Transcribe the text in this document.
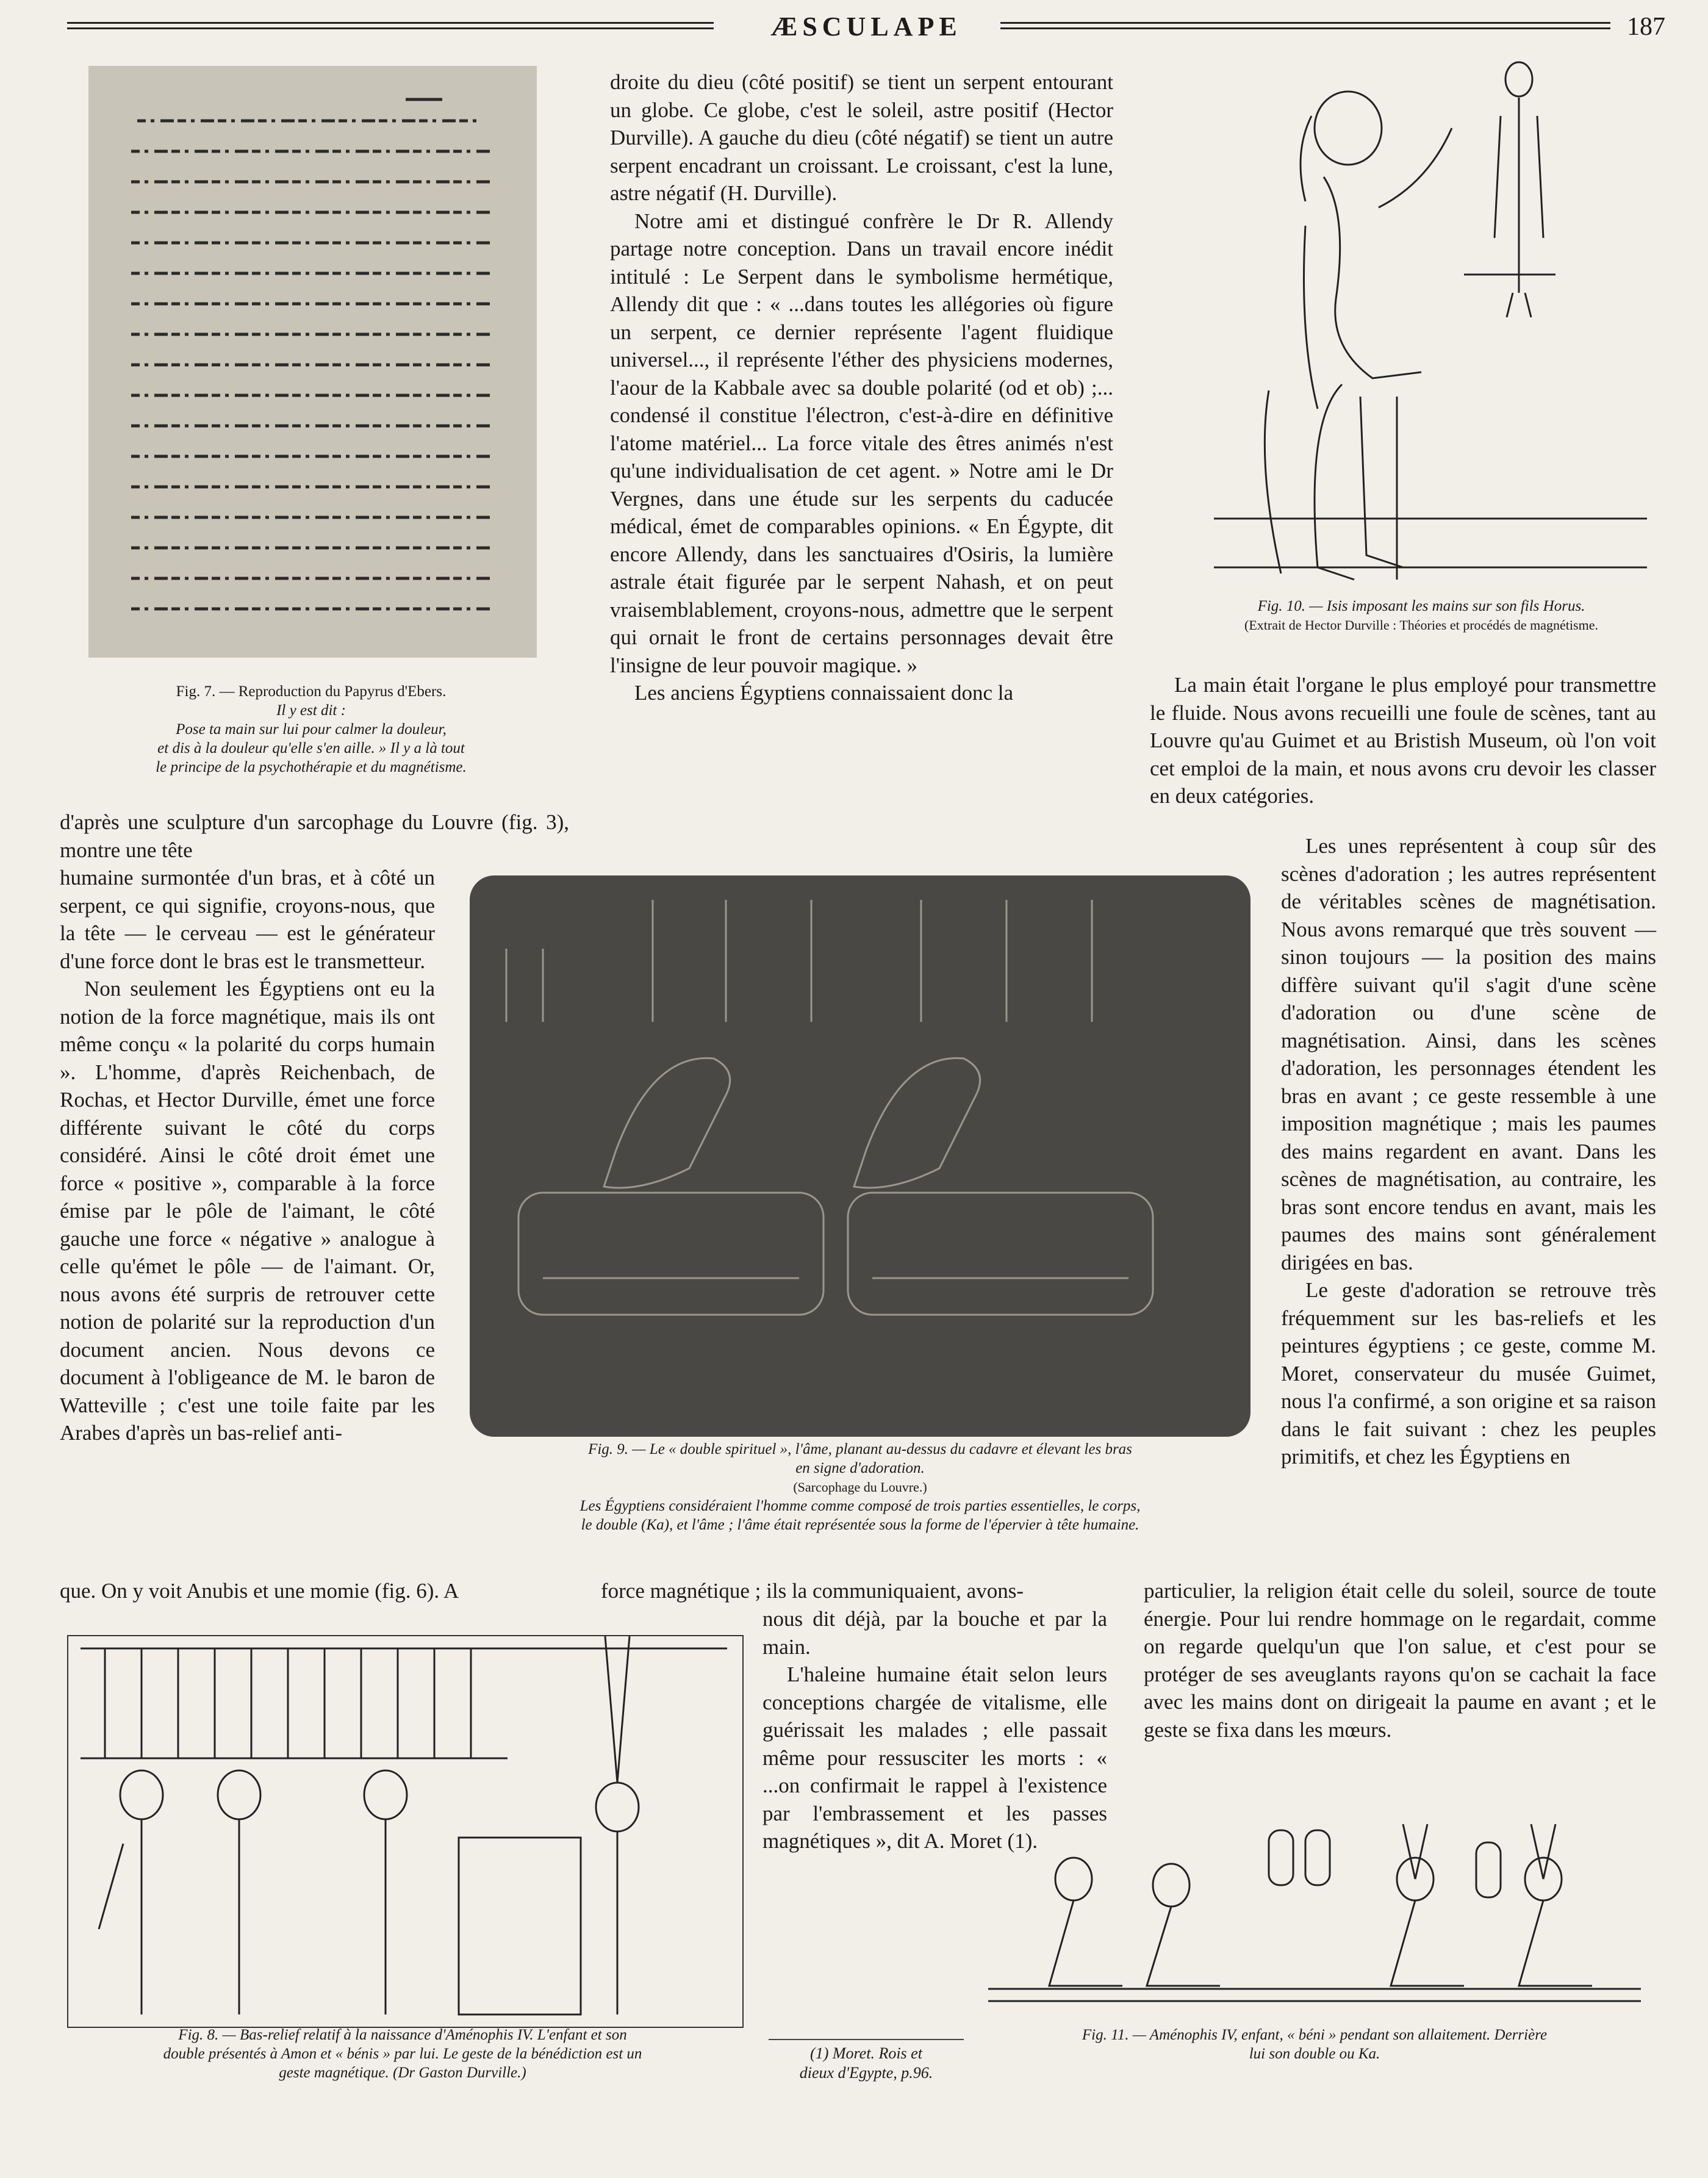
ÆSCULAPE	187
Fig. 7. — Reproduction du Papyrus d'Ebers.
Il y est dit :
Pose ta main sur lui pour calmer la douleur,
et dis à la douleur qu'elle s'en aille. » Il y a là tout
le principe de la psychothérapie et du magnétisme.

droite du dieu (côté positif) se tient un serpent entourant un globe. Ce globe, c'est le soleil, astre positif (Hector Durville). A gauche du dieu (côté négatif) se tient un autre serpent encadrant un croissant. Le croissant, c'est la lune, astre négatif (H. Durville).

Notre ami et distingué confrère le Dr R. Allendy partage notre conception. Dans un travail encore inédit intitulé : Le Serpent dans le symbolisme hermétique, Allendy dit que : « ...dans toutes les allégories où figure un serpent, ce dernier représente l'agent fluidique universel..., il représente l'éther des physiciens modernes, l'aour de la Kabbale avec sa double polarité (od et ob) ;... condensé il constitue l'électron, c'est-à-dire en définitive l'atome matériel... La force vitale des êtres animés n'est qu'une individualisation de cet agent. » Notre ami le Dr Vergnes, dans une étude sur les serpents du caducée médical, émet de comparables opinions. « En Égypte, dit encore Allendy, dans les sanctuaires d'Osiris, la lumière astrale était figurée par le serpent Nahash, et on peut vraisemblablement, croyons-nous, admettre que le serpent qui ornait le front de certains personnages devait être l'insigne de leur pouvoir magique. »

Les anciens Égyptiens connaissaient donc la

Fig. 10. — Isis imposant les mains sur son fils Horus.
(Extrait de Hector Durville : Théories et procédés de magnétisme.

La main était l'organe le plus employé pour transmettre le fluide. Nous avons recueilli une foule de scènes, tant au Louvre qu'au Guimet et au Bristish Museum, où l'on voit cet emploi de la main, et nous avons cru devoir les classer en deux catégories.

d'après une sculpture d'un sarcophage du Louvre (fig. 3), montre une tête

humaine surmontée d'un bras, et à côté un serpent, ce qui signifie, croyons-nous, que la tête — le cerveau — est le générateur d'une force dont le bras est le transmetteur.

Non seulement les Égyptiens ont eu la notion de la force magnétique, mais ils ont même conçu « la polarité du corps humain ». L'homme, d'après Reichenbach, de Rochas, et Hector Durville, émet une force différente suivant le côté du corps considéré. Ainsi le côté droit émet une force « positive », comparable à la force émise par le pôle de l'aimant, le côté gauche une force « négative » analogue à celle qu'émet le pôle — de l'aimant. Or, nous avons été surpris de retrouver cette notion de polarité sur la reproduction d'un document ancien. Nous devons ce document à l'obligeance de M. le baron de Watteville ; c'est une toile faite par les Arabes d'après un bas-relief anti-

que. On y voit Anubis et une momie (fig. 6). A

Fig. 9. — Le « double spirituel », l'âme, planant au-dessus du cadavre et élevant les bras
en signe d'adoration.
(Sarcophage du Louvre.)
Les Égyptiens considéraient l'homme comme composé de trois parties essentielles, le corps,
le double (Ka), et l'âme ; l'âme était représentée sous la forme de l'épervier à tête humaine.

Les unes représentent à coup sûr des scènes d'adoration ; les autres représentent de véritables scènes de magnétisation. Nous avons remarqué que très souvent — sinon toujours — la position des mains diffère suivant qu'il s'agit d'une scène d'adoration ou d'une scène de magnétisation. Ainsi, dans les scènes d'adoration, les personnages étendent les bras en avant ; ce geste ressemble à une imposition magnétique ; mais les paumes des mains regardent en avant. Dans les scènes de magnétisation, au contraire, les bras sont encore tendus en avant, mais les paumes des mains sont généralement dirigées en bas.

Le geste d'adoration se retrouve très fréquemment sur les bas-reliefs et les peintures égyptiens ; ce geste, comme M. Moret, conservateur du musée Guimet, nous l'a confirmé, a son origine et sa raison dans le fait suivant : chez les peuples primitifs, et chez les Égyptiens en

particulier, la religion était celle du soleil, source de toute énergie. Pour lui rendre hommage on le regardait, comme on regarde quelqu'un que l'on salue, et c'est pour se protéger de ses aveuglants rayons qu'on se cachait la face avec les mains dont on dirigeait la paume en avant ; et le geste se fixa dans les mœurs.

force magnétique ; ils la communiquaient, avons-

nous dit déjà, par la bouche et par la main.

L'haleine humaine était selon leurs conceptions chargée de vitalisme, elle guérissait les malades ; elle passait même pour ressusciter les morts : « ...on confirmait le rappel à l'existence par l'embrassement et les passes magnétiques », dit A. Moret (1).

Fig. 8. — Bas-relief relatif à la naissance d'Aménophis IV. L'enfant et son
double présentés à Amon et « bénis » par lui. Le geste de la bénédiction est un
geste magnétique. (Dr Gaston Durville.)
(1) Moret. Rois et
dieux d'Egypte, p.96.
Fig. 11. — Aménophis IV, enfant, « béni » pendant son allaitement. Derrière
lui son double ou Ka.
